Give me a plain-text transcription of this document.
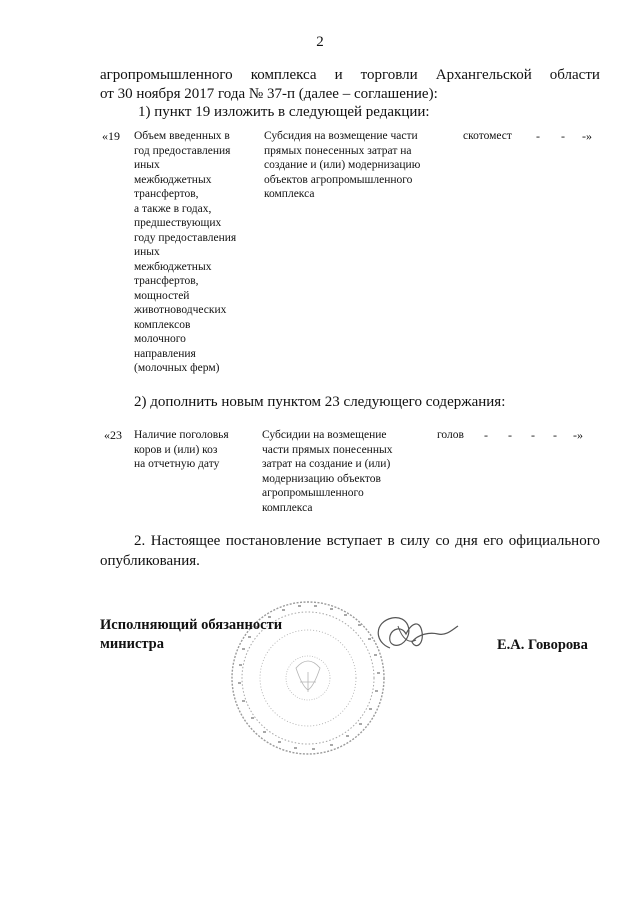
2
агропромышленного комплекса и торговли Архангельской области
от 30 ноября 2017 года № 37-п (далее – соглашение):
1) пункт 19 изложить в следующей редакции:
«19 Объем введенных в
год предоставления
иных
межбюджетных
трансфертов,
а также в годах,
предшествующих
году предоставления
иных
межбюджетных
трансфертов,
мощностей
животноводческих
комплексов
молочного
направления
(молочных ферм)
Субсидия на возмещение части
прямых понесенных затрат на
создание и (или) модернизацию
объектов агропромышленного
комплекса
скотомест - - -»
2) дополнить новым пунктом 23 следующего содержания:
«23 Наличие поголовья
коров и (или) коз
на отчетную дату
Субсидии на возмещение
части прямых понесенных
затрат на создание и (или)
модернизацию объектов
агропромышленного
комплекса
голов - - - - -»
2. Настоящее постановление вступает в силу со дня его официального
опубликования.
Исполняющий обязанности
министра	Е.А. Говорова
